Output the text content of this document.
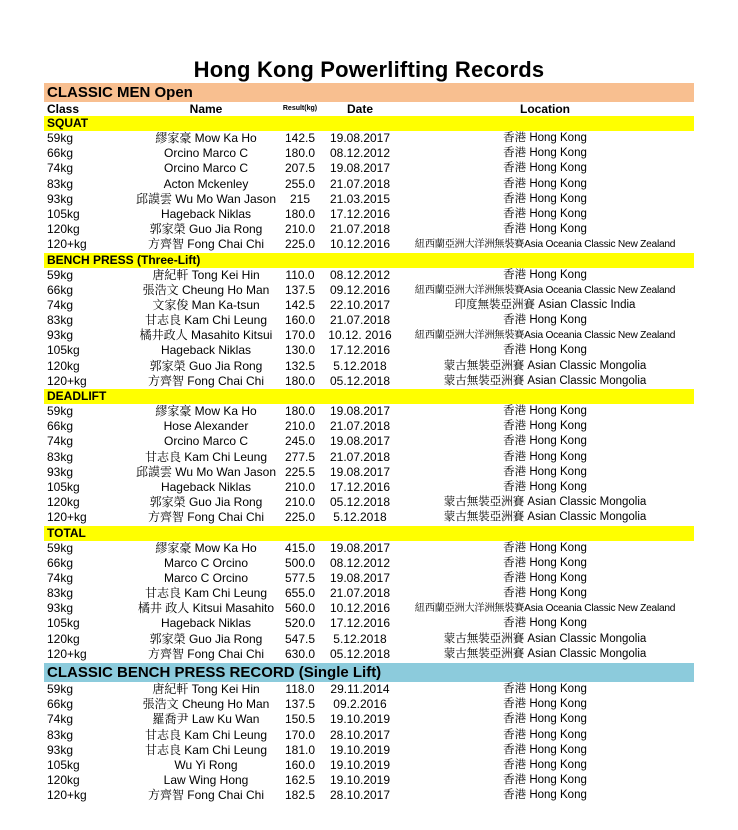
Hong Kong Powerlifting Records
CLASSIC MEN Open
Class	Name	Result(kg)	Date	Location
SQUAT
59kg	繆家豪 Mow Ka Ho	142.5	19.08.2017	香港 Hong Kong
66kg	Orcino Marco C	180.0	08.12.2012	香港 Hong Kong
74kg	Orcino Marco C	207.5	19.08.2017	香港 Hong Kong
83kg	Acton Mckenley	255.0	21.07.2018	香港 Hong Kong
93kg	邱謨雲 Wu Mo Wan Jason	215	21.03.2015	香港 Hong Kong
105kg	Hageback Niklas	180.0	17.12.2016	香港 Hong Kong
120kg	郭家榮 Guo Jia Rong	210.0	21.07.2018	香港 Hong Kong
120+kg	方齊智 Fong Chai Chi	225.0	10.12.2016	紐西蘭亞洲大洋洲無裝賽Asia Oceania Classic New Zealand
BENCH PRESS (Three-Lift)
59kg	唐紀軒 Tong Kei Hin	110.0	08.12.2012	香港 Hong Kong
66kg	張浩文 Cheung Ho Man	137.5	09.12.2016	紐西蘭亞洲大洋洲無裝賽Asia Oceania Classic New Zealand
74kg	文家俊 Man Ka-tsun	142.5	22.10.2017	印度無裝亞洲賽 Asian Classic India
83kg	甘志良 Kam Chi Leung	160.0	21.07.2018	香港 Hong Kong
93kg	橘井政人 Masahito Kitsui	170.0	10.12. 2016	紐西蘭亞洲大洋洲無裝賽Asia Oceania Classic New Zealand
105kg	Hageback Niklas	130.0	17.12.2016	香港 Hong Kong
120kg	郭家榮 Guo Jia Rong	132.5	5.12.2018	蒙古無裝亞洲賽 Asian Classic Mongolia
120+kg	方齊智 Fong Chai Chi	180.0	05.12.2018	蒙古無裝亞洲賽 Asian Classic Mongolia
DEADLIFT
59kg	繆家豪 Mow Ka Ho	180.0	19.08.2017	香港 Hong Kong
66kg	Hose Alexander	210.0	21.07.2018	香港 Hong Kong
74kg	Orcino Marco C	245.0	19.08.2017	香港 Hong Kong
83kg	甘志良 Kam Chi Leung	277.5	21.07.2018	香港 Hong Kong
93kg	邱謨雲 Wu Mo Wan Jason 225.5	19.08.2017	香港 Hong Kong
105kg	Hageback Niklas	210.0	17.12.2016	香港 Hong Kong
120kg	郭家榮 Guo Jia Rong	210.0	05.12.2018	蒙古無裝亞洲賽 Asian Classic Mongolia
120+kg	方齊智 Fong Chai Chi	225.0	5.12.2018	蒙古無裝亞洲賽 Asian Classic Mongolia
TOTAL
59kg	繆家豪 Mow Ka Ho	415.0	19.08.2017	香港 Hong Kong
66kg	Marco C Orcino	500.0	08.12.2012	香港 Hong Kong
74kg	Marco C Orcino	577.5	19.08.2017	香港 Hong Kong
83kg	甘志良 Kam Chi Leung	655.0	21.07.2018	香港 Hong Kong
93kg	橘井 政人 Kitsui Masahito 560.0	10.12.2016	紐西蘭亞洲大洋洲無裝賽Asia Oceania Classic New Zealand
105kg	Hageback Niklas	520.0	17.12.2016	香港 Hong Kong
120kg	郭家榮 Guo Jia Rong	547.5	5.12.2018	蒙古無裝亞洲賽 Asian Classic Mongolia
120+kg	方齊智 Fong Chai Chi	630.0	05.12.2018	蒙古無裝亞洲賽 Asian Classic Mongolia
CLASSIC BENCH PRESS RECORD (Single Lift)
59kg	唐紀軒 Tong Kei Hin	118.0	29.11.2014	香港 Hong Kong
66kg	張浩文 Cheung Ho Man	137.5	09.2.2016	香港 Hong Kong
74kg	羅喬尹 Law Ku Wan	150.5	19.10.2019	香港 Hong Kong
83kg	甘志良 Kam Chi Leung	170.0	28.10.2017	香港 Hong Kong
93kg	甘志良 Kam Chi Leung	181.0	19.10.2019	香港 Hong Kong
105kg	Wu Yi Rong	160.0	19.10.2019	香港 Hong Kong
120kg	Law Wing Hong	162.5	19.10.2019	香港 Hong Kong
120+kg	方齊智 Fong Chai Chi	182.5	28.10.2017	香港 Hong Kong
